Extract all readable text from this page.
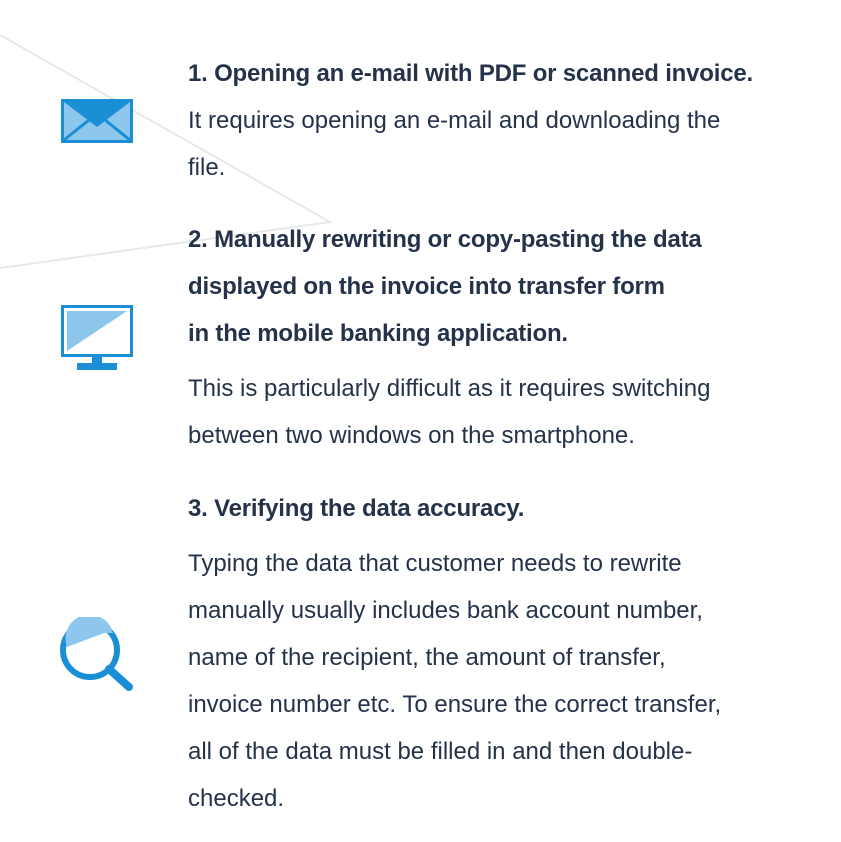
1. Opening an e-mail with PDF or scanned invoice.

It requires opening an e-mail and downloading the
file.

2. Manually rewriting or copy-pasting the data
displayed on the invoice into transfer form
in the mobile banking application.

This is particularly difficult as it requires switching
between two windows on the smartphone.

3. Verifying the data accuracy.

Typing the data that customer needs to rewrite
manually usually includes bank account number,
name of the recipient, the amount of transfer,
invoice number etc. To ensure the correct transfer,
all of the data must be filled in and then double-
checked.
